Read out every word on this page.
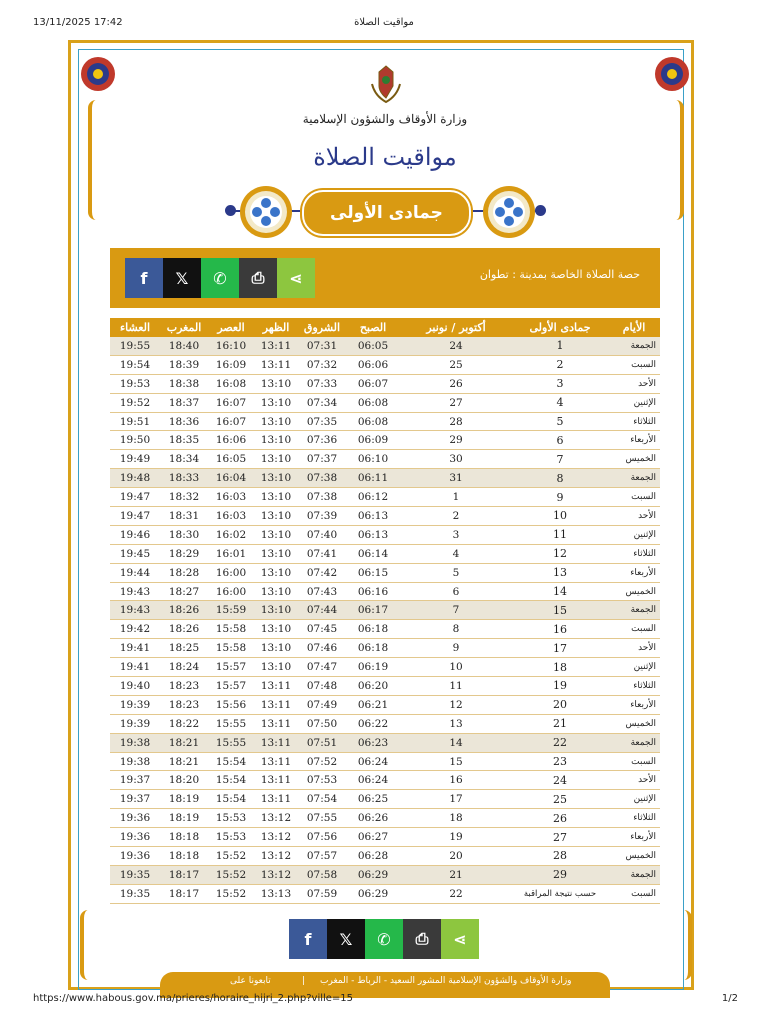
13/11/2025 17:42	مواقيت الصلاة
وزارة الأوقاف والشؤون الإسلامية
مواقيت الصلاة
جمادى الأولى
f 𝕏 ✆ ⎙ ⋖	حصة الصلاة الخاصة بمدينة : تطوان
العشاء	المغرب	العصر	الظهر	الشروق	الصبح	أكتوبر / نونبر	جمادى الأولى	الأيام
19:55	18:40	16:10	13:11	07:31	06:05	24	1	الجمعة
19:54	18:39	16:09	13:11	07:32	06:06	25	2	السبت
19:53	18:38	16:08	13:10	07:33	06:07	26	3	الأحد
19:52	18:37	16:07	13:10	07:34	06:08	27	4	الإثنين
19:51	18:36	16:07	13:10	07:35	06:08	28	5	الثلاثاء
19:50	18:35	16:06	13:10	07:36	06:09	29	6	الأربعاء
19:49	18:34	16:05	13:10	07:37	06:10	30	7	الخميس
19:48	18:33	16:04	13:10	07:38	06:11	31	8	الجمعة
19:47	18:32	16:03	13:10	07:38	06:12	1	9	السبت
19:47	18:31	16:03	13:10	07:39	06:13	2	10	الأحد
19:46	18:30	16:02	13:10	07:40	06:13	3	11	الإثنين
19:45	18:29	16:01	13:10	07:41	06:14	4	12	الثلاثاء
19:44	18:28	16:00	13:10	07:42	06:15	5	13	الأربعاء
19:43	18:27	16:00	13:10	07:43	06:16	6	14	الخميس
19:43	18:26	15:59	13:10	07:44	06:17	7	15	الجمعة
19:42	18:26	15:58	13:10	07:45	06:18	8	16	السبت
19:41	18:25	15:58	13:10	07:46	06:18	9	17	الأحد
19:41	18:24	15:57	13:10	07:47	06:19	10	18	الإثنين
19:40	18:23	15:57	13:11	07:48	06:20	11	19	الثلاثاء
19:39	18:23	15:56	13:11	07:49	06:21	12	20	الأربعاء
19:39	18:22	15:55	13:11	07:50	06:22	13	21	الخميس
19:38	18:21	15:55	13:11	07:51	06:23	14	22	الجمعة
19:38	18:21	15:54	13:11	07:52	06:24	15	23	السبت
19:37	18:20	15:54	13:11	07:53	06:24	16	24	الأحد
19:37	18:19	15:54	13:11	07:54	06:25	17	25	الإثنين
19:36	18:19	15:53	13:12	07:55	06:26	18	26	الثلاثاء
19:36	18:18	15:53	13:12	07:56	06:27	19	27	الأربعاء
19:36	18:18	15:52	13:12	07:57	06:28	20	28	الخميس
19:35	18:17	15:52	13:12	07:58	06:29	21	29	الجمعة
19:35	18:17	15:52	13:13	07:59	06:29	22	حسب نتيجة المراقبة	السبت
f 𝕏 ✆ ⎙ ⋖
تابعونا على	| وزارة الأوقاف والشؤون الإسلامية المشور السعيد - الرباط - المغرب
https://www.habous.gov.ma/prieres/horaire_hijri_2.php?ville=15	1/2
